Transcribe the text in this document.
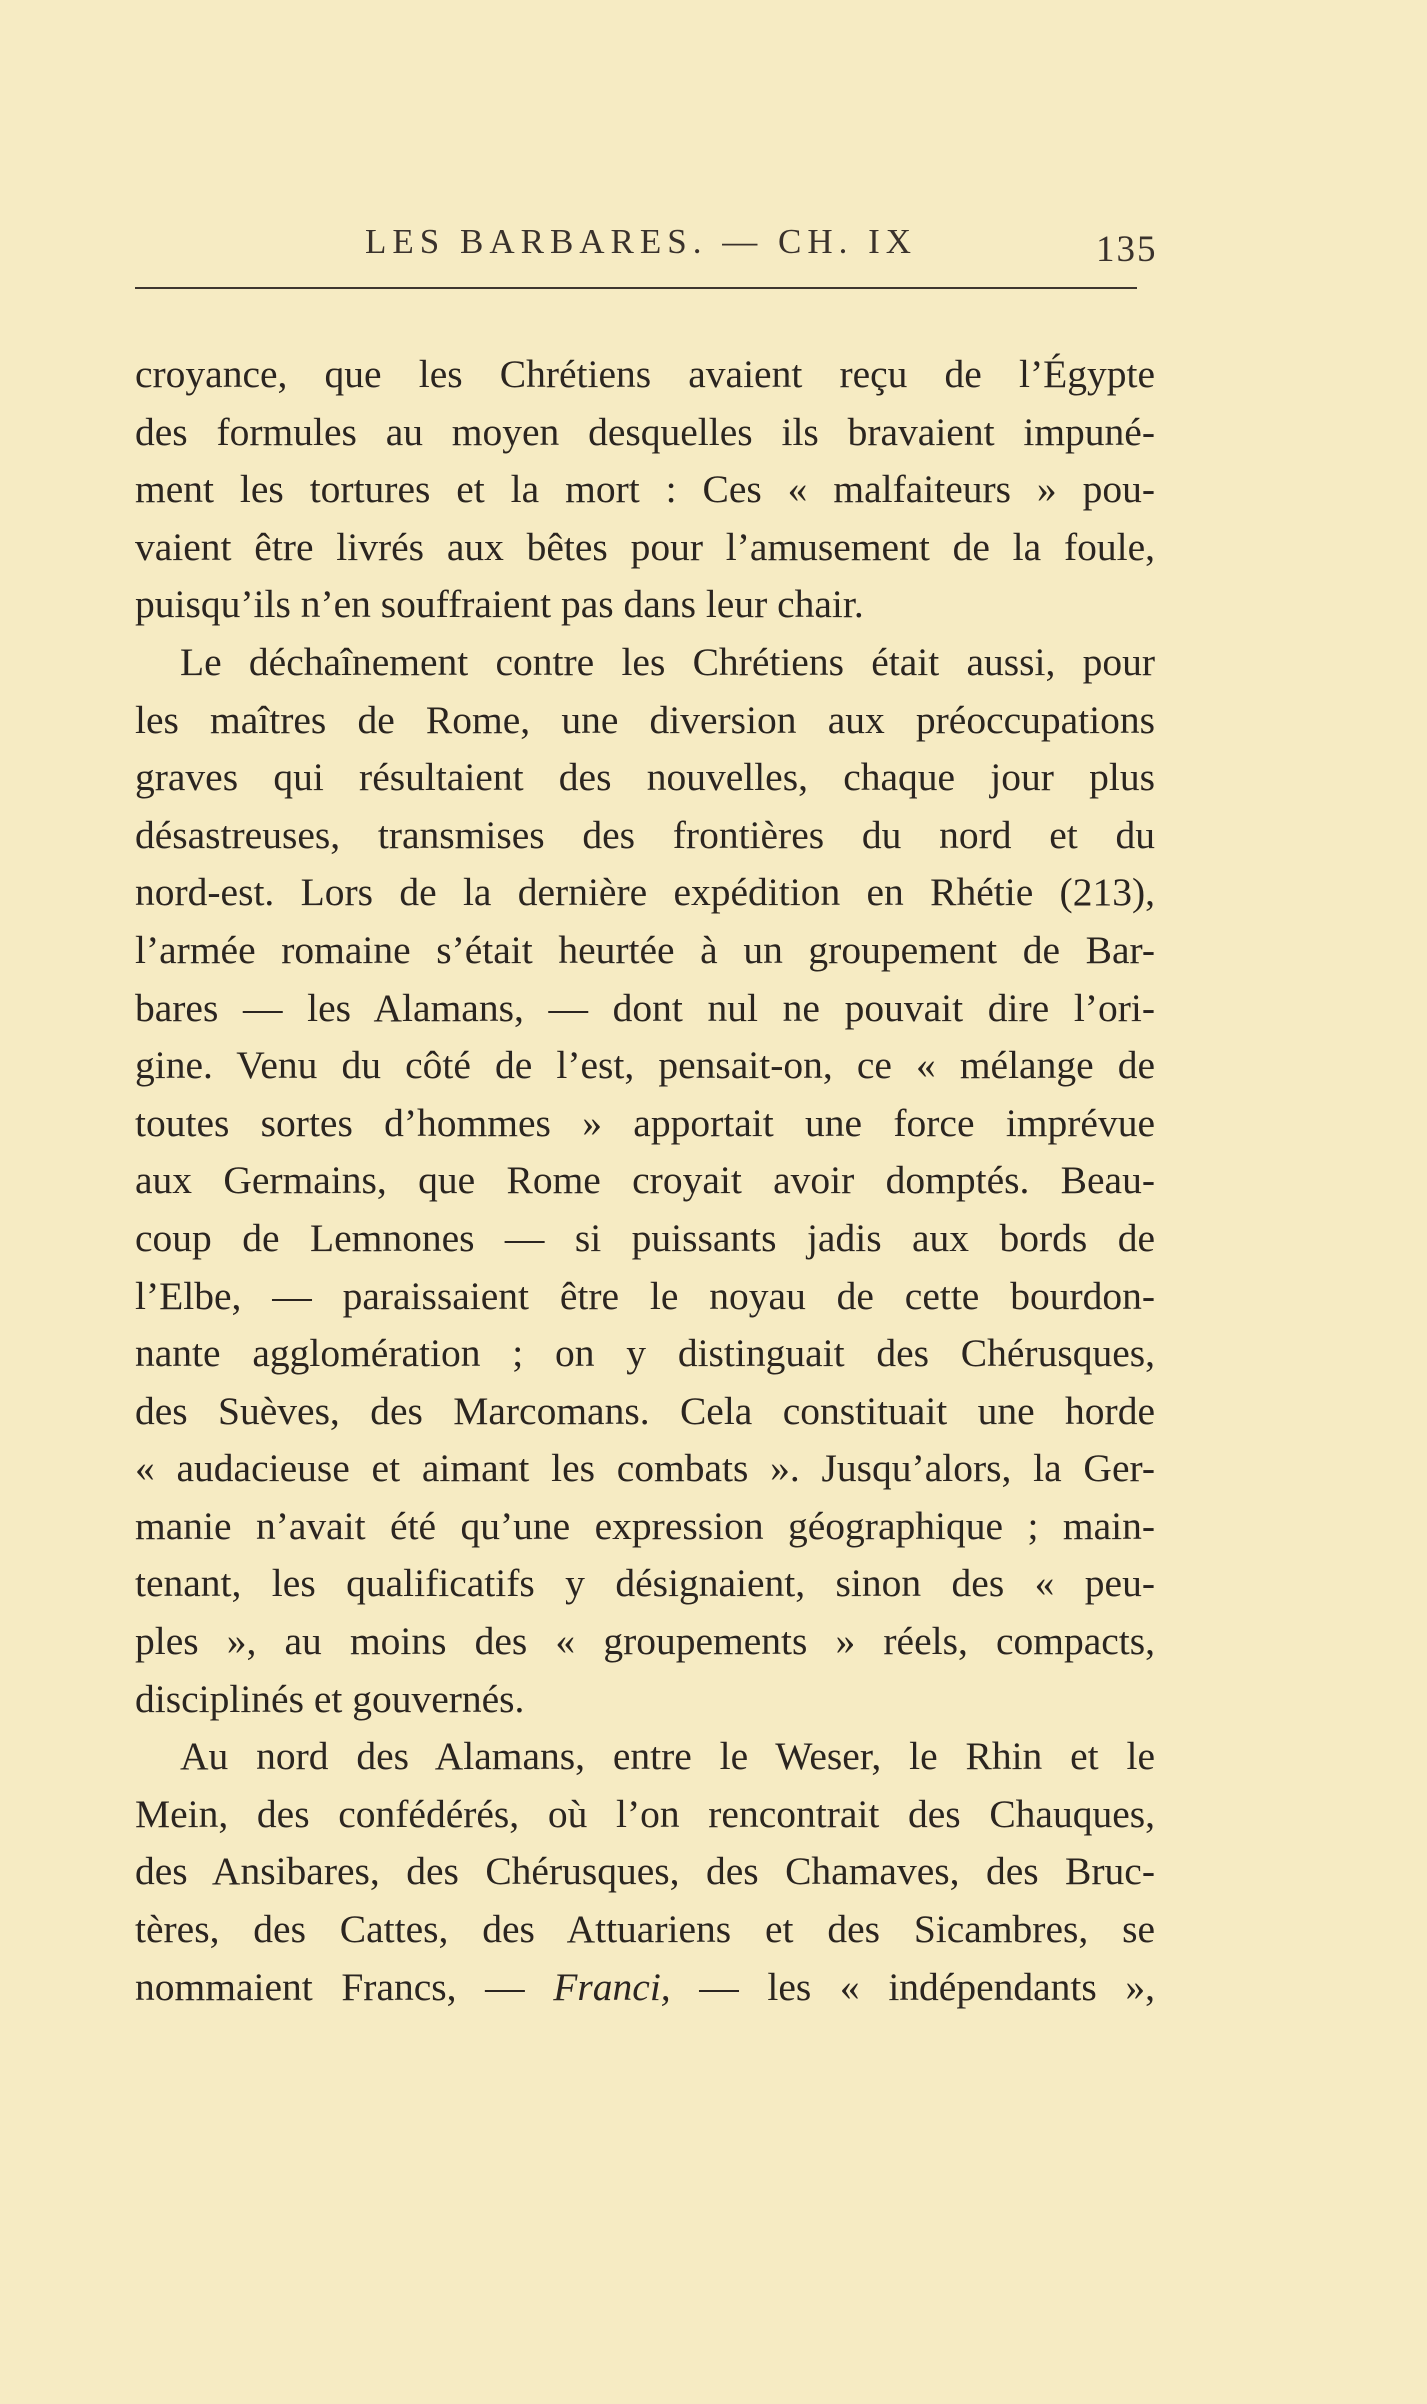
LES BARBARES. — CH. IX	135
croyance, que les Chrétiens avaient reçu de l’Égypte
des formules au moyen desquelles ils bravaient impuné-
ment les tortures et la mort : Ces « malfaiteurs » pou-
vaient être livrés aux bêtes pour l’amusement de la foule,
puisqu’ils n’en souffraient pas dans leur chair.
Le déchaînement contre les Chrétiens était aussi, pour
les maîtres de Rome, une diversion aux préoccupations
graves qui résultaient des nouvelles, chaque jour plus
désastreuses, transmises des frontières du nord et du
nord-est. Lors de la dernière expédition en Rhétie (213),
l’armée romaine s’était heurtée à un groupement de Bar-
bares — les Alamans, — dont nul ne pouvait dire l’ori-
gine. Venu du côté de l’est, pensait-on, ce « mélange de
toutes sortes d’hommes » apportait une force imprévue
aux Germains, que Rome croyait avoir domptés. Beau-
coup de Lemnones — si puissants jadis aux bords de
l’Elbe, — paraissaient être le noyau de cette bourdon-
nante agglomération ; on y distinguait des Chérusques,
des Suèves, des Marcomans. Cela constituait une horde
« audacieuse et aimant les combats ». Jusqu’alors, la Ger-
manie n’avait été qu’une expression géographique ; main-
tenant, les qualificatifs y désignaient, sinon des « peu-
ples », au moins des « groupements » réels, compacts,
disciplinés et gouvernés.
Au nord des Alamans, entre le Weser, le Rhin et le
Mein, des confédérés, où l’on rencontrait des Chauques,
des Ansibares, des Chérusques, des Chamaves, des Bruc-
tères, des Cattes, des Attuariens et des Sicambres, se
nommaient Francs, — Franci, — les « indépendants »,
